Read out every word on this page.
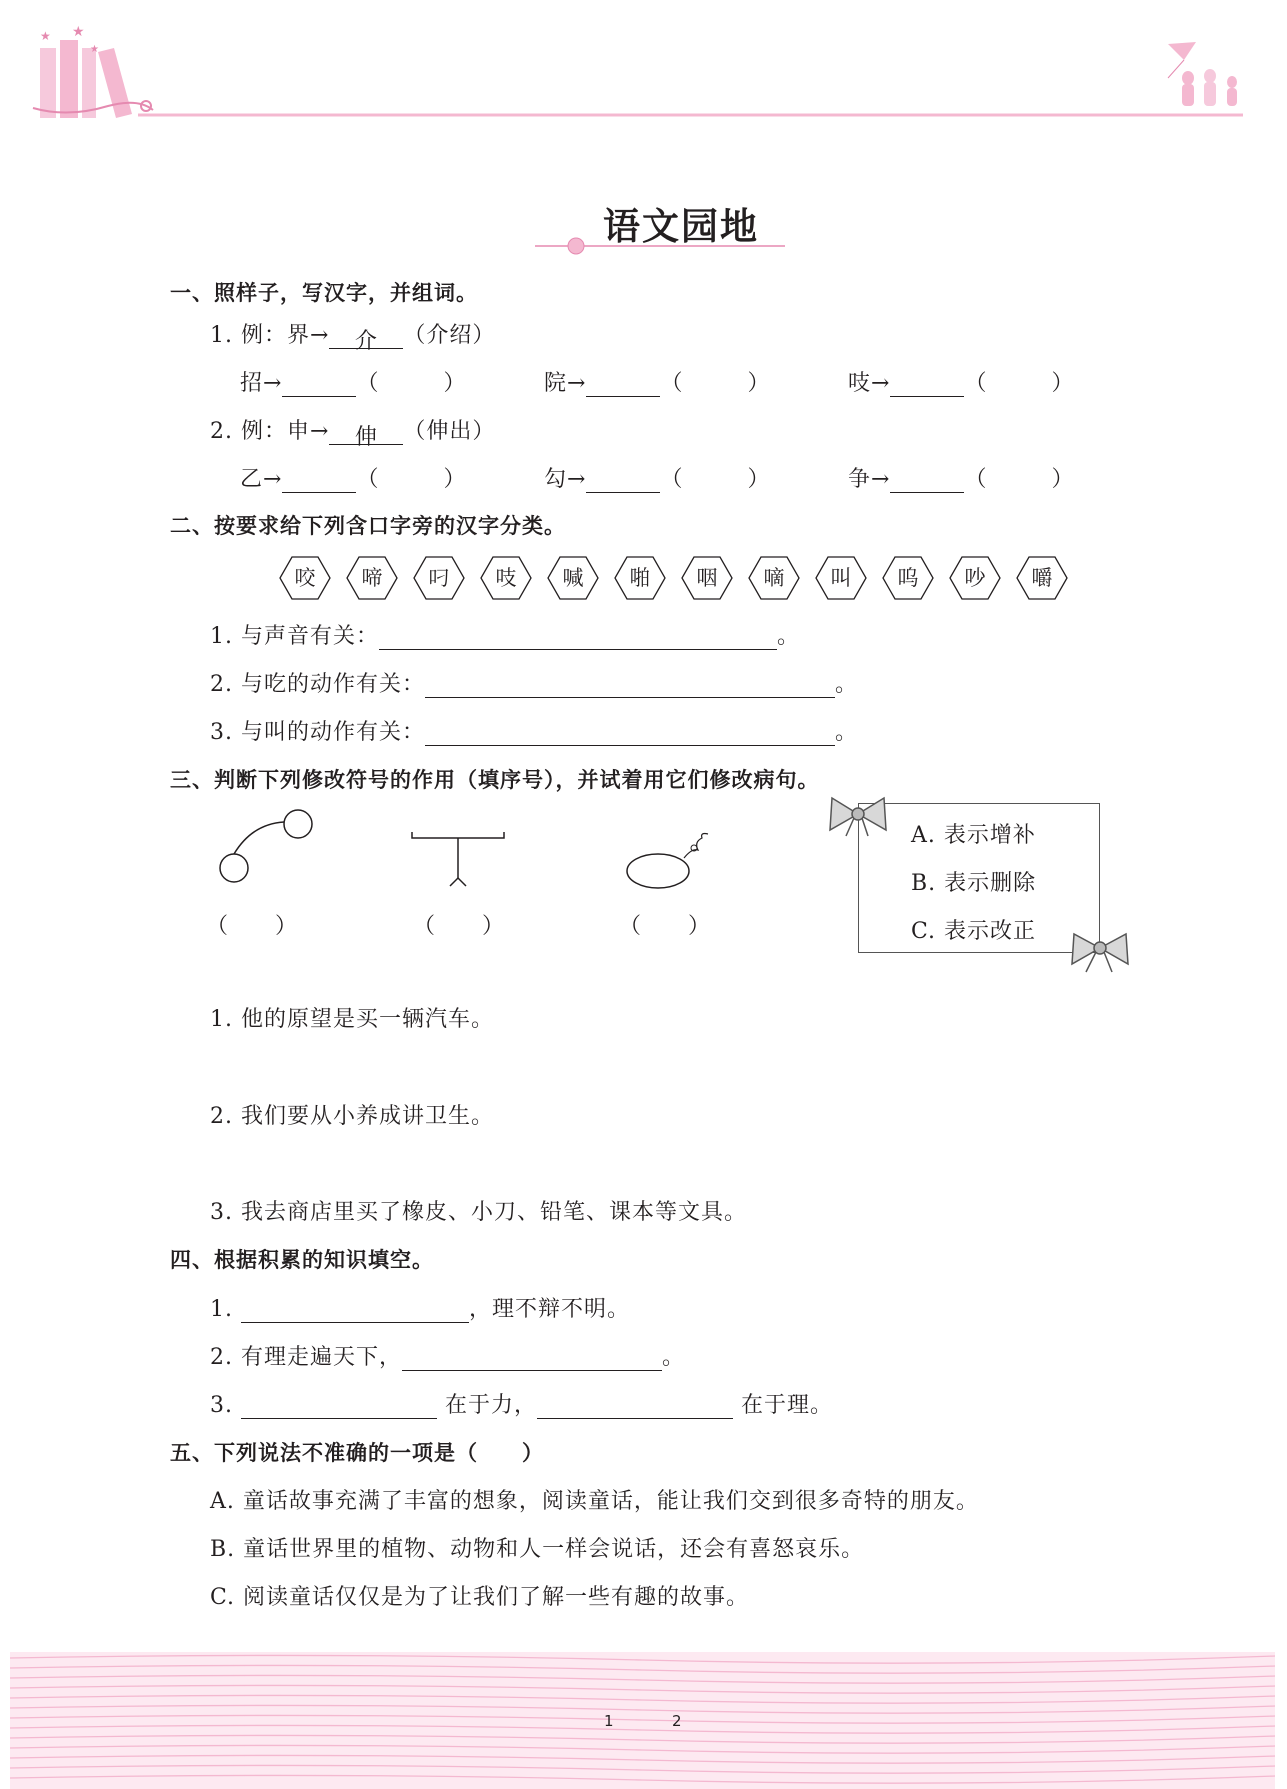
★
★
★
语文园地
一、照样子，写汉字，并组词。
1. 例：界→ 介 （介绍）
招→	（	）	院→	（	）	吱→	（	）
2. 例：申→ 伸 （伸出）
乙→	（	）	勾→	（	）	争→	（	）
二、按要求给下列含口字旁的汉字分类。
咬	啼	叼	吱	喊	啪	咽	嘀	叫	呜	吵	嚼
1. 与声音有关：	。
2. 与吃的动作有关：	。
3. 与叫的动作有关：	。
三、判断下列修改符号的作用（填序号），并试着用它们修改病句。
（　　）	（　　）	（　　）
A. 表示增补
B. 表示删除
C. 表示改正
1. 他的原望是买一辆汽车。
2. 我们要从小养成讲卫生。
3. 我去商店里买了橡皮、小刀、铅笔、课本等文具。
四、根据积累的知识填空。
1.	，理不辩不明。
2. 有理走遍天下，	。
3.	在于力，	在于理。
五、下列说法不准确的一项是（　　）
A. 童话故事充满了丰富的想象，阅读童话，能让我们交到很多奇特的朋友。
B. 童话世界里的植物、动物和人一样会说话，还会有喜怒哀乐。
C. 阅读童话仅仅是为了让我们了解一些有趣的故事。
1	2
